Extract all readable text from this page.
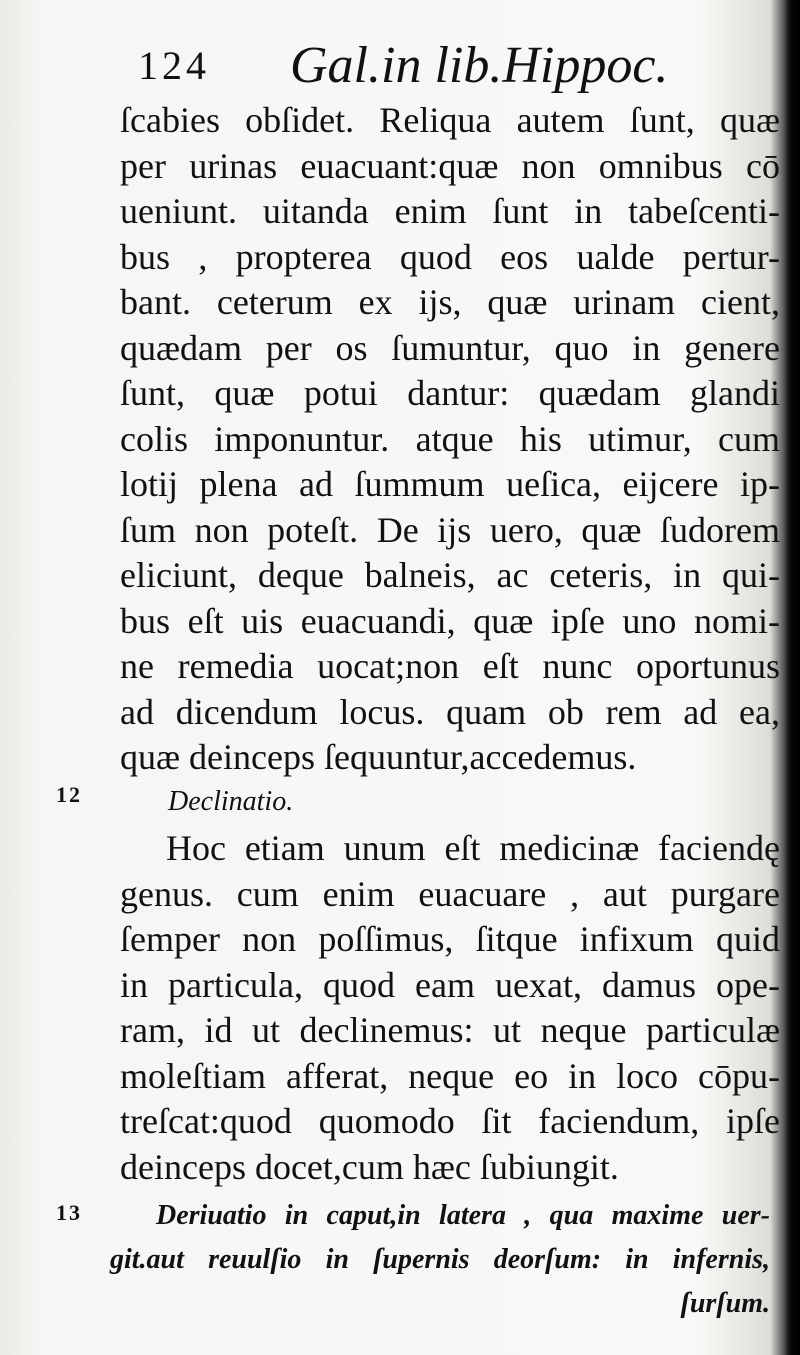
124 Gal.in lib.Hippoc.
ſcabies obſidet. Reliqua autem ſunt, quæ
per urinas euacuant:quæ non omnibus cō
ueniunt. uitanda enim ſunt in tabeſcenti-
bus , propterea quod eos ualde pertur-
bant. ceterum ex ijs, quæ urinam cient,
quædam per os ſumuntur, quo in genere
ſunt, quæ potui dantur: quædam glandi
colis imponuntur. atque his utimur, cum
lotij plena ad ſummum ueſica, eijcere ip-
ſum non poteſt. De ijs uero, quæ ſudorem
eliciunt, deque balneis, ac ceteris, in qui-
bus eſt uis euacuandi, quæ ipſe uno nomi-
ne remedia uocat;non eſt nunc oportunus
ad dicendum locus. quam ob rem ad ea,
quæ deinceps ſequuntur,accedemus.
12	Declinatio.
Hoc etiam unum eſt medicinæ faciendę
genus. cum enim euacuare , aut purgare
ſemper non poſſimus, ſitque infixum quid
in particula, quod eam uexat, damus ope-
ram, id ut declinemus: ut neque particulæ
moleſtiam afferat, neque eo in loco cōpu-
treſcat:quod quomodo ſit faciendum, ipſe
deinceps docet,cum hæc ſubiungit.
13	Deriuatio in caput,in latera , qua maxime uer-
git.aut reuulſio in ſupernis deorſum: in infernis,
ſurſum.
